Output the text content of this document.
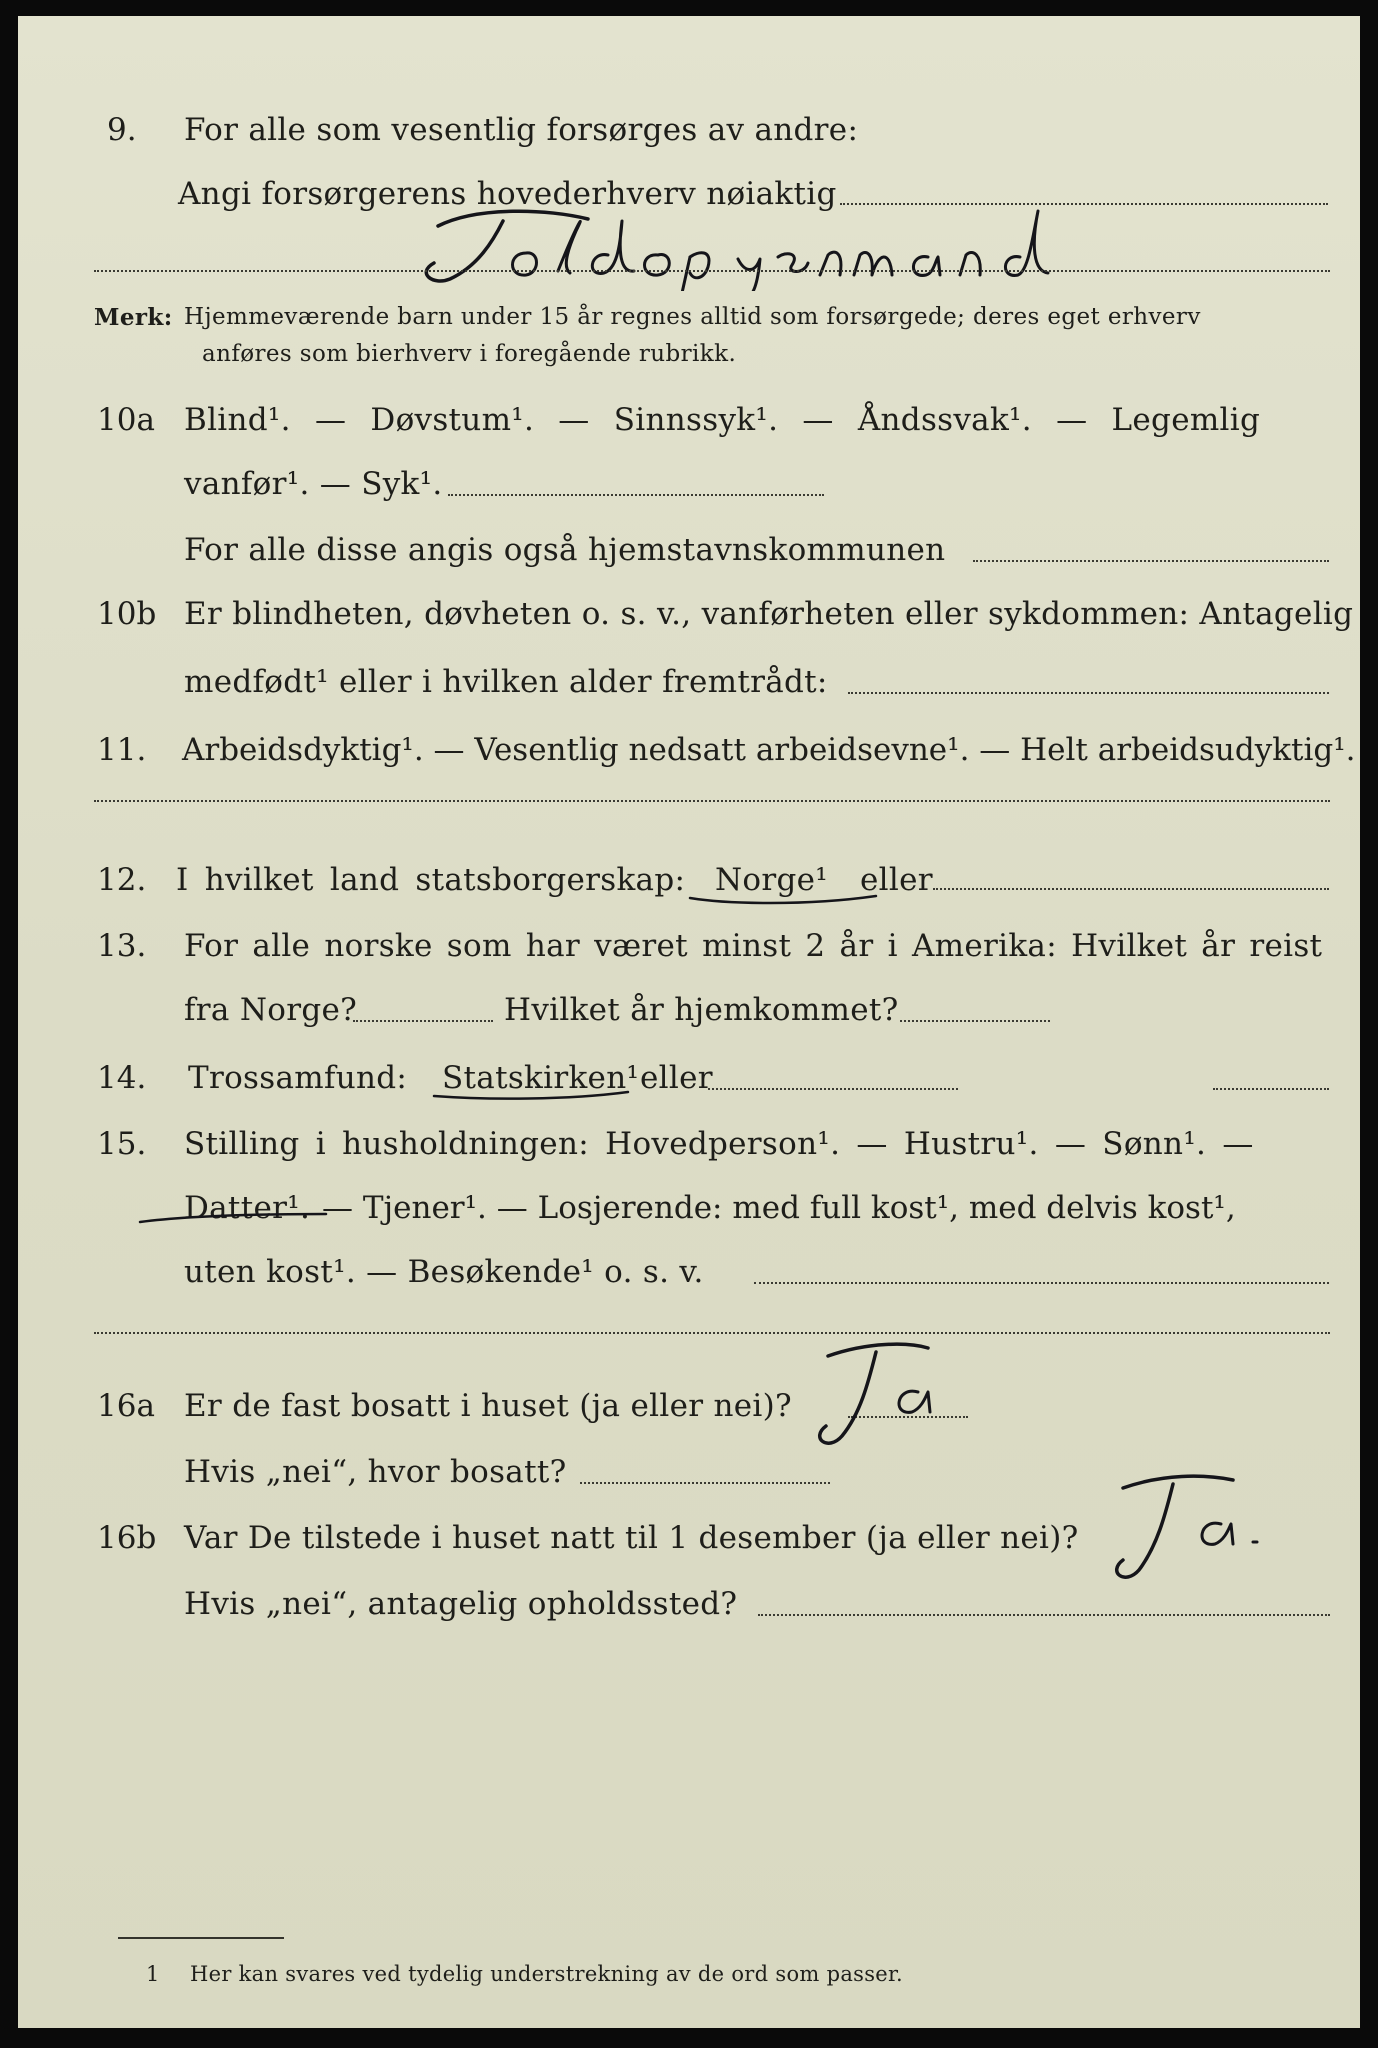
9. For alle som vesentlig forsørges av andre:
Angi forsørgerens hovederhverv nøiaktig
Merk: Hjemmeværende barn under 15 år regnes alltid som forsørgede; deres eget erhverv
anføres som bierhverv i foregående rubrikk.
10a Blind¹. — Døvstum¹. — Sinnssyk¹. — Åndssvak¹. — Legemlig
vanfør¹. — Syk¹.
For alle disse angis også hjemstavnskommunen
10b Er blindheten, døvheten o. s. v., vanførheten eller sykdommen: Antagelig
medfødt¹ eller i hvilken alder fremtrådt:
11. Arbeidsdyktig¹. — Vesentlig nedsatt arbeidsevne¹. — Helt arbeidsudyktig¹.
12. I hvilket land statsborgerskap: Norge¹ eller
13. For alle norske som har været minst 2 år i Amerika: Hvilket år reist
fra Norge?	Hvilket år hjemkommet?
14. Trossamfund: Statskirken¹ eller
15. Stilling i husholdningen: Hovedperson¹. — Hustru¹. — Sønn¹. —
Datter¹. — Tjener¹. — Losjerende: med full kost¹, med delvis kost¹,
uten kost¹. — Besøkende¹ o. s. v.
16a Er de fast bosatt i huset (ja eller nei)?
Hvis „nei“, hvor bosatt?
16b Var De tilstede i huset natt til 1 desember (ja eller nei)?
Hvis „nei“, antagelig opholdssted?
1 Her kan svares ved tydelig understrekning av de ord som passer.
